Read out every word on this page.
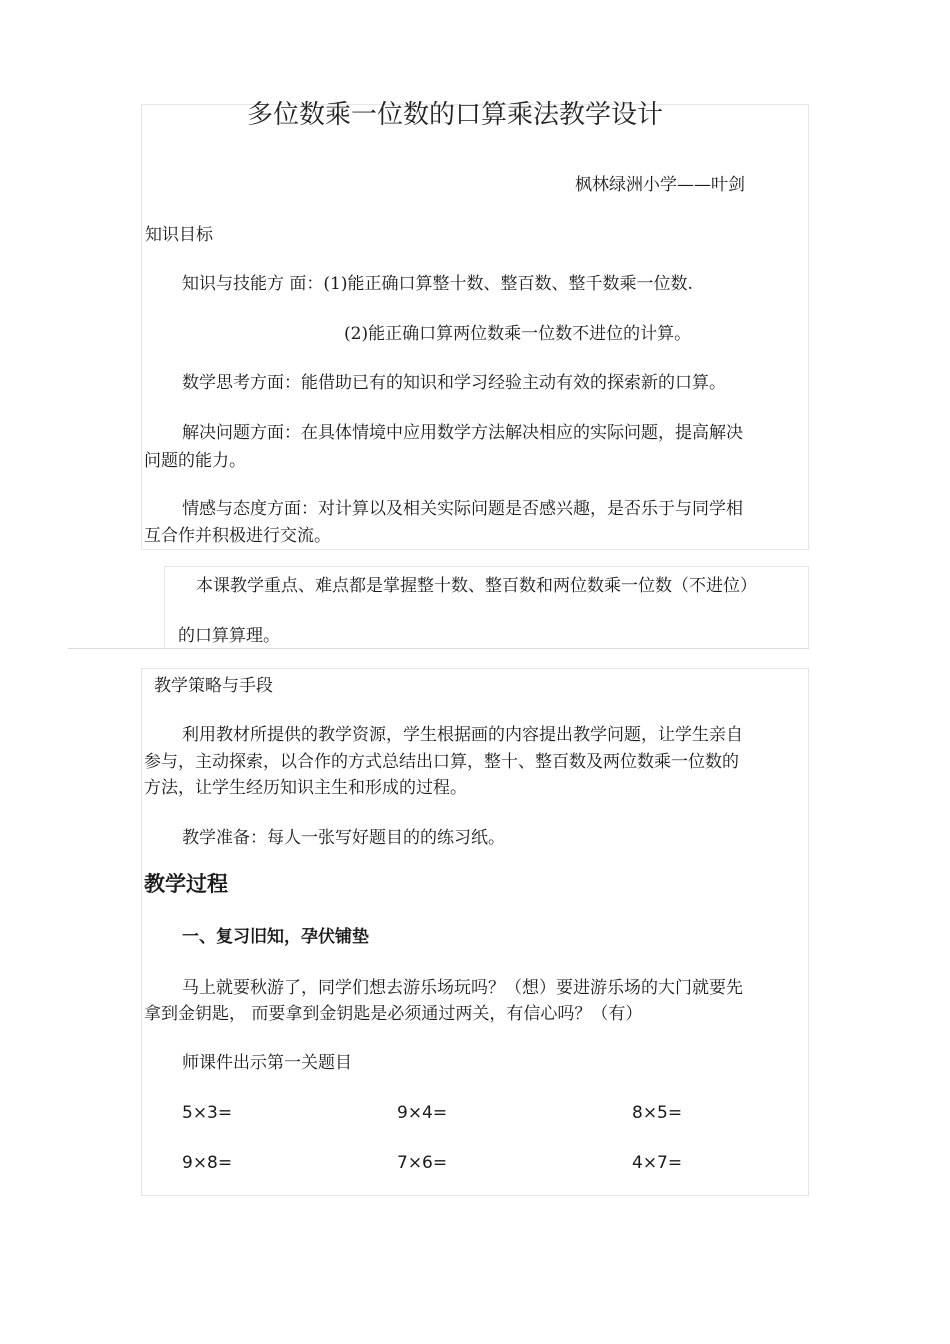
多位数乘一位数的口算乘法教学设计
枫林绿洲小学——叶剑
知识目标
知识与技能方 面：(1)能正确口算整十数、整百数、整千数乘一位数.
(2)能正确口算两位数乘一位数不进位的计算。
数学思考方面：能借助已有的知识和学习经验主动有效的探索新的口算。
解决问题方面：在具体情境中应用数学方法解决相应的实际问题，提高解决
问题的能力。
情感与态度方面：对计算以及相关实际问题是否感兴趣，是否乐于与同学相
互合作并积极进行交流。
本课教学重点、难点都是掌握整十数、整百数和两位数乘一位数（不进位）
的口算算理。
教学策略与手段
利用教材所提供的教学资源，学生根据画的内容提出教学问题，让学生亲自
参与，主动探索，以合作的方式总结出口算，整十、整百数及两位数乘一位数的
方法，让学生经历知识主生和形成的过程。
教学准备：每人一张写好题目的的练习纸。
教学过程
一、复习旧知，孕伏铺垫
马上就要秋游了，同学们想去游乐场玩吗？（想）要进游乐场的大门就要先
拿到金钥匙， 而要拿到金钥匙是必须通过两关，有信心吗？（有）
师课件出示第一关题目
5×3=	9×4=	8×5=
9×8=	7×6=	4×7=
